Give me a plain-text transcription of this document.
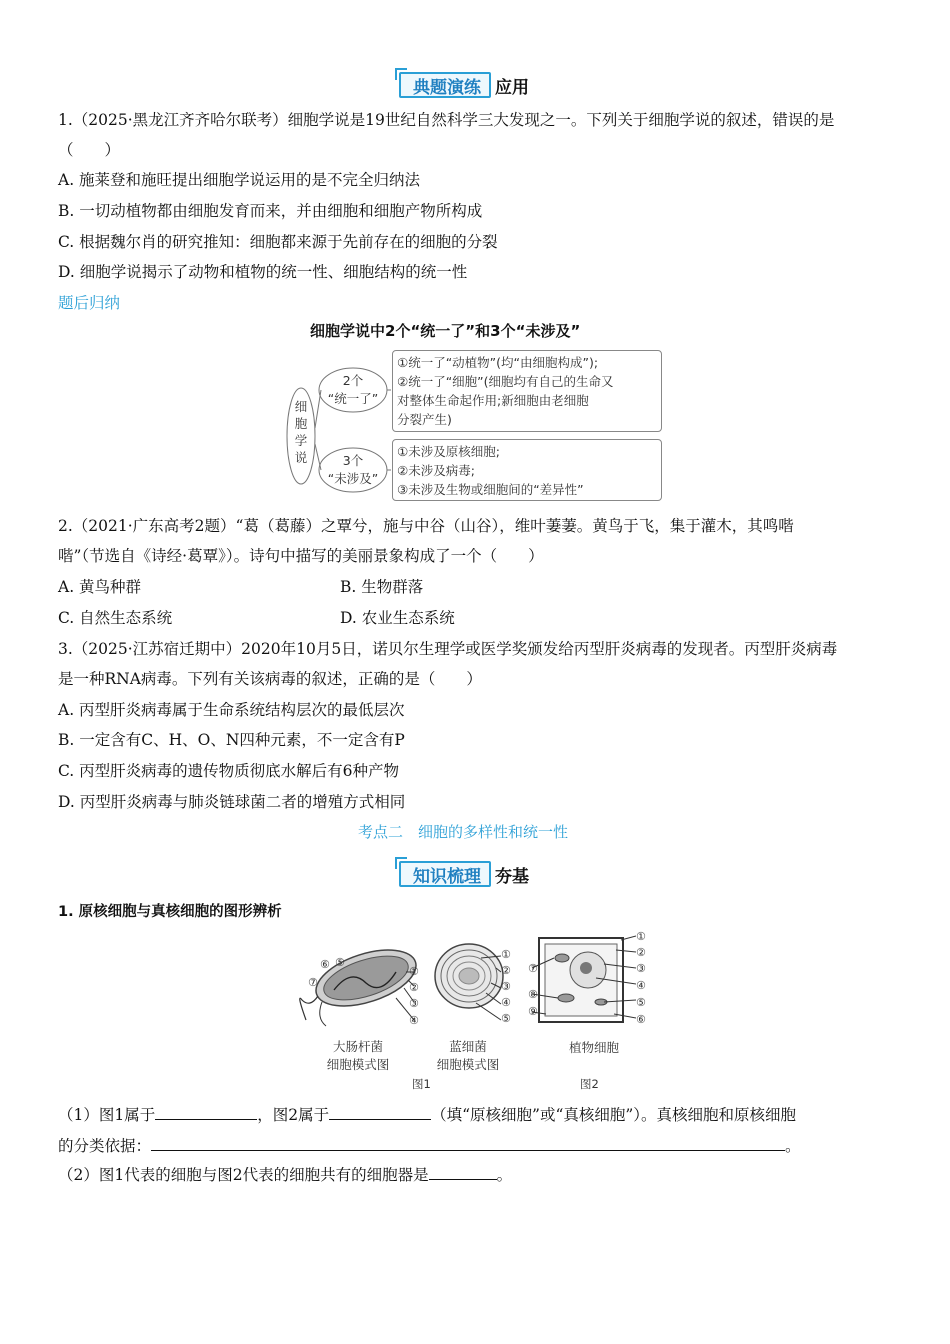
典题演练 应用
1.（2025·黑龙江齐齐哈尔联考）细胞学说是19世纪自然科学三大发现之一。下列关于细胞学说的叙述，错误的是
（　　）
A. 施莱登和施旺提出细胞学说运用的是不完全归纳法
B. 一切动植物都由细胞发育而来，并由细胞和细胞产物所构成
C. 根据魏尔肖的研究推知：细胞都来源于先前存在的细胞的分裂
D. 细胞学说揭示了动物和植物的统一性、细胞结构的统一性
题后归纳
细胞学说中2个“统一了”和3个“未涉及”
细
胞
学
说
2个
“统一了”
3个
“未涉及”
①统一了“动植物”(均“由细胞构成”);
②统一了“细胞”(细胞均有自己的生命又
对整体生命起作用;新细胞由老细胞
分裂产生)
①未涉及原核细胞;
②未涉及病毒;
③未涉及生物或细胞间的“差异性”
2.（2021·广东高考2题）“葛（葛藤）之覃兮，施与中谷（山谷），维叶萋萋。黄鸟于飞，集于灌木，其鸣喈
喈”（节选自《诗经·葛覃》）。诗句中描写的美丽景象构成了一个（　　）
A. 黄鸟种群	B. 生物群落
C. 自然生态系统	D. 农业生态系统
3.（2025·江苏宿迁期中）2020年10月5日，诺贝尔生理学或医学奖颁发给丙型肝炎病毒的发现者。丙型肝炎病毒
是一种RNA病毒。下列有关该病毒的叙述，正确的是（　　）
A. 丙型肝炎病毒属于生命系统结构层次的最低层次
B. 一定含有C、H、O、N四种元素，不一定含有P
C. 丙型肝炎病毒的遗传物质彻底水解后有6种产物
D. 丙型肝炎病毒与肺炎链球菌二者的增殖方式相同
考点二　细胞的多样性和统一性
知识梳理 夯基
1. 原核细胞与真核细胞的图形辨析
⑥ ⑤
⑦
①
②
③
④
①
②
③
④
⑤
①
②
③
④
⑤
⑥
⑦
⑧
⑨
大肠杆菌
细胞模式图
蓝细菌
细胞模式图
植物细胞
图1	图2
（1）图1属于	，图2属于	（填“原核细胞”或“真核细胞”）。真核细胞和原核细胞
的分类依据：	。
（2）图1代表的细胞与图2代表的细胞共有的细胞器是	。
